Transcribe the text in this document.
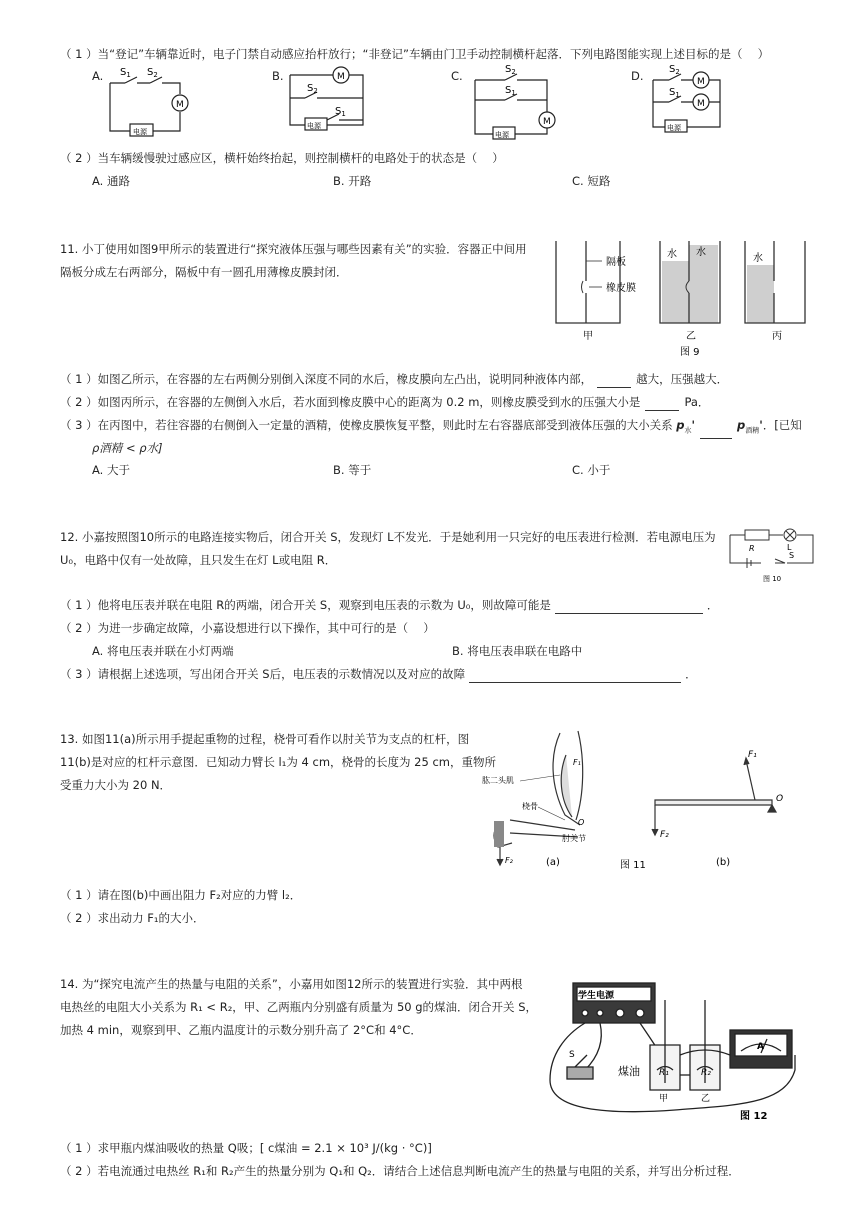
（ 1 ）当“登记”车辆靠近时，电子门禁自动感应抬杆放行；“非登记”车辆由门卫手动控制横杆起落．下列电路图能实现上述目标的是（　 ）
A. $S_1$ $S_2$
M
电源
B.	M
$S_2$
$S_1$
电源
C.	$S_2$
$S_1$
M
电源
D.	$S_2$
$S_1$
M
M
电源
（ 2 ）当车辆缓慢驶过感应区，横杆始终抬起，则控制横杆的电路处于的状态是（　 ）
A. 通路	B. 开路	C. 短路
11. 小丁使用如图9甲所示的装置进行“探究液体压强与哪些因素有关”的实验．容器正中间用
隔板分成左右两部分，隔板中有一圆孔用薄橡皮膜封闭．
隔板
橡皮膜
水 水
水
甲	乙	丙
图 9
（ 1 ）如图乙所示，在容器的左右两侧分别倒入深度不同的水后，橡皮膜向左凸出，说明同种液体内部，	越大，压强越大．
（ 2 ）如图丙所示，在容器的左侧倒入水后，若水面到橡皮膜中心的距离为 0.2 m，则橡皮膜受到水的压强大小是	Pa．
（ 3 ）在丙图中，若往容器的右侧倒入一定量的酒精，使橡皮膜恢复平整，则此时左右容器底部受到液体压强的大小关系 $p_水'$	$p_{酒精}'$．[已知
ρ酒精 < ρ水]
A. 大于	B. 等于	C. 小于
12. 小嘉按照图10所示的电路连接实物后，闭合开关 S，发现灯 L不发光．于是她利用一只完好的电压表进行检测．若电源电压为
U₀，电路中仅有一处故障，且只发生在灯 L或电阻 R．
R	L
S
图 10
（ 1 ）他将电压表并联在电阻 R的两端，闭合开关 S，观察到电压表的示数为 U₀，则故障可能是	．
（ 2 ）为进一步确定故障，小嘉设想进行以下操作，其中可行的是（　 ）
A. 将电压表并联在小灯两端	B. 将电压表串联在电路中
（ 3 ）请根据上述选项，写出闭合开关 S后，电压表的示数情况以及对应的故障	．
13. 如图11(a)所示用手提起重物的过程，桡骨可看作以肘关节为支点的杠杆，图
11(b)是对应的杠杆示意图．已知动力臂长 l₁为 4 cm，桡骨的长度为 25 cm，重物所
受重力大小为 20 N．	肱二头肌
桡骨
肘关节
F₁
O
F₂	(a)	图 11
F₁
O
F₂
(b)
（ 1 ）请在图(b)中画出阻力 F₂对应的力臂 l₂．
（ 2 ）求出动力 F₁的大小．
14. 为“探究电流产生的热量与电阻的关系”，小嘉用如图12所示的装置进行实验．其中两根
电热丝的电阻大小关系为 R₁ < R₂，甲、乙两瓶内分别盛有质量为 50 g的煤油．闭合开关 S，
加热 4 min，观察到甲、乙瓶内温度计的示数分别升高了 2°C和 4°C．
学生电源
S
煤油 R₁	R₂
甲	乙
A
图 12
（ 1 ）求甲瓶内煤油吸收的热量 Q吸；[ c煤油 = 2.1 × 10³ J/(kg · °C)]
（ 2 ）若电流通过电热丝 R₁和 R₂产生的热量分别为 Q₁和 Q₂．请结合上述信息判断电流产生的热量与电阻的关系，并写出分析过程．
